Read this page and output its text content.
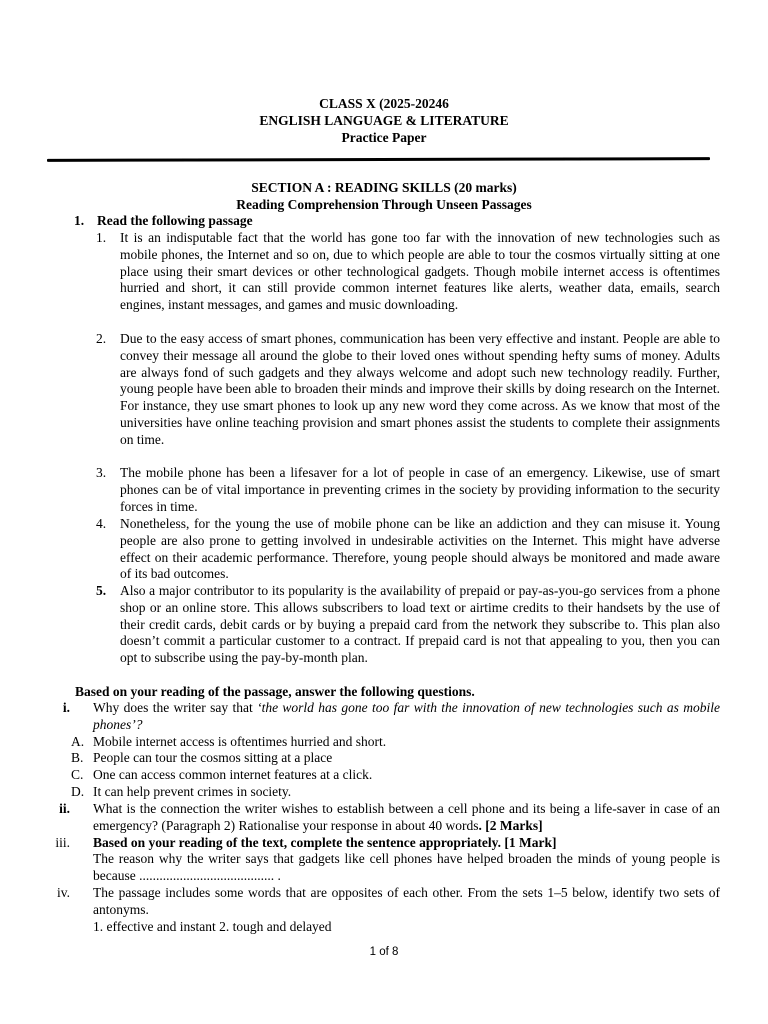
CLASS X (2025-20246
ENGLISH LANGUAGE & LITERATURE
Practice Paper
SECTION A : READING SKILLS (20 marks)
Reading Comprehension Through Unseen Passages
1. Read the following passage
1. It is an indisputable fact that the world has gone too far with the innovation of new technologies such as mobile phones, the Internet and so on, due to which people are able to tour the cosmos virtually sitting at one place using their smart devices or other technological gadgets. Though mobile internet access is oftentimes hurried and short, it can still provide common internet features like alerts, weather data, emails, search engines, instant messages, and games and music downloading.
2. Due to the easy access of smart phones, communication has been very effective and instant. People are able to convey their message all around the globe to their loved ones without spending hefty sums of money. Adults are always fond of such gadgets and they always welcome and adopt such new technology readily. Further, young people have been able to broaden their minds and improve their skills by doing research on the Internet. For instance, they use smart phones to look up any new word they come across. As we know that most of the universities have online teaching provision and smart phones assist the students to complete their assignments on time.
3. The mobile phone has been a lifesaver for a lot of people in case of an emergency. Likewise, use of smart phones can be of vital importance in preventing crimes in the society by providing information to the security forces in time.
4. Nonetheless, for the young the use of mobile phone can be like an addiction and they can misuse it. Young people are also prone to getting involved in undesirable activities on the Internet. This might have adverse effect on their academic performance. Therefore, young people should always be monitored and made aware of its bad outcomes.
5. Also a major contributor to its popularity is the availability of prepaid or pay-as-you-go services from a phone shop or an online store. This allows subscribers to load text or airtime credits to their handsets by the use of their credit cards, debit cards or by buying a prepaid card from the network they subscribe to. This plan also doesn’t commit a particular customer to a contract. If prepaid card is not that appealing to you, then you can opt to subscribe using the pay-by-month plan.
Based on your reading of the passage, answer the following questions.
i. Why does the writer say that ‘the world has gone too far with the innovation of new technologies such as mobile phones’?
A. Mobile internet access is oftentimes hurried and short.
B. People can tour the cosmos sitting at a place
C. One can access common internet features at a click.
D. It can help prevent crimes in society.
ii. What is the connection the writer wishes to establish between a cell phone and its being a life-saver in case of an emergency? (Paragraph 2) Rationalise your response in about 40 words. [2 Marks]
iii. Based on your reading of the text, complete the sentence appropriately. [1 Mark]
The reason why the writer says that gadgets like cell phones have helped broaden the minds of young people is because ........................................ .
iv. The passage includes some words that are opposites of each other. From the sets 1–5 below, identify two sets of antonyms.
1. effective and instant 2. tough and delayed
1 of 8
